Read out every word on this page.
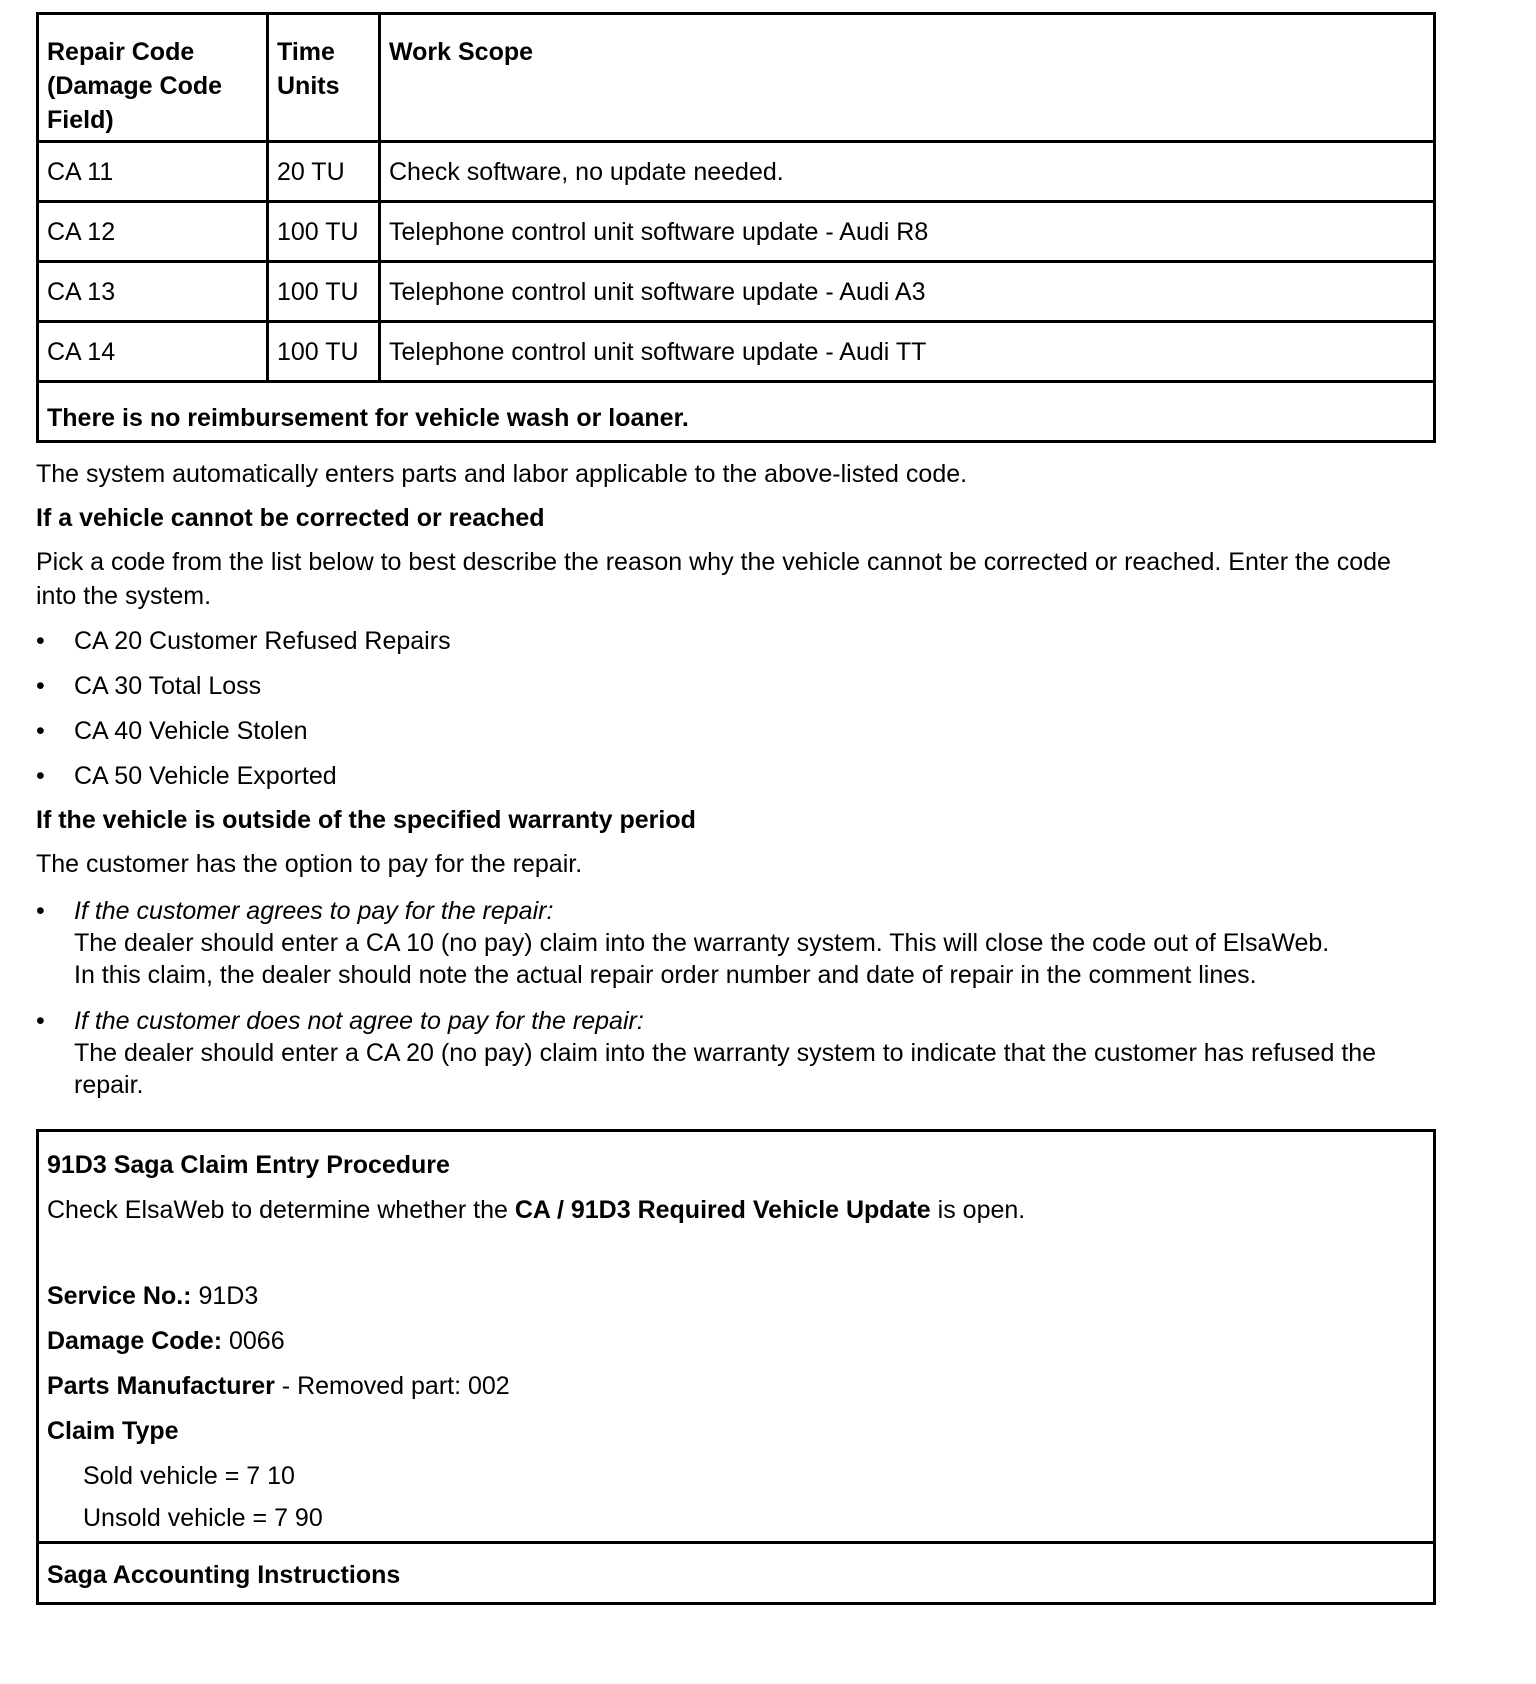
Repair Code (Damage Code Field)	Time Units	Work Scope
CA 11	20 TU	Check software, no update needed.
CA 12	100 TU	Telephone control unit software update - Audi R8
CA 13	100 TU	Telephone control unit software update - Audi A3
CA 14	100 TU	Telephone control unit software update - Audi TT
There is no reimbursement for vehicle wash or loaner.		

The system automatically enters parts and labor applicable to the above-listed code.

If a vehicle cannot be corrected or reached

Pick a code from the list below to best describe the reason why the vehicle cannot be corrected or reached. Enter the code into the system.

• CA 20 Customer Refused Repairs
• CA 30 Total Loss
• CA 40 Vehicle Stolen
• CA 50 Vehicle Exported

If the vehicle is outside of the specified warranty period

The customer has the option to pay for the repair.

• If the customer agrees to pay for the repair:
The dealer should enter a CA 10 (no pay) claim into the warranty system. This will close the code out of ElsaWeb.
In this claim, the dealer should note the actual repair order number and date of repair in the comment lines.
• If the customer does not agree to pay for the repair:
The dealer should enter a CA 20 (no pay) claim into the warranty system to indicate that the customer has refused the repair.

91D3 Saga Claim Entry Procedure

Check ElsaWeb to determine whether the CA / 91D3 Required Vehicle Update is open.

Service No.: 91D3

Damage Code: 0066

Parts Manufacturer - Removed part: 002

Claim Type

Sold vehicle = 7 10

Unsold vehicle = 7 90

Saga Accounting Instructions
